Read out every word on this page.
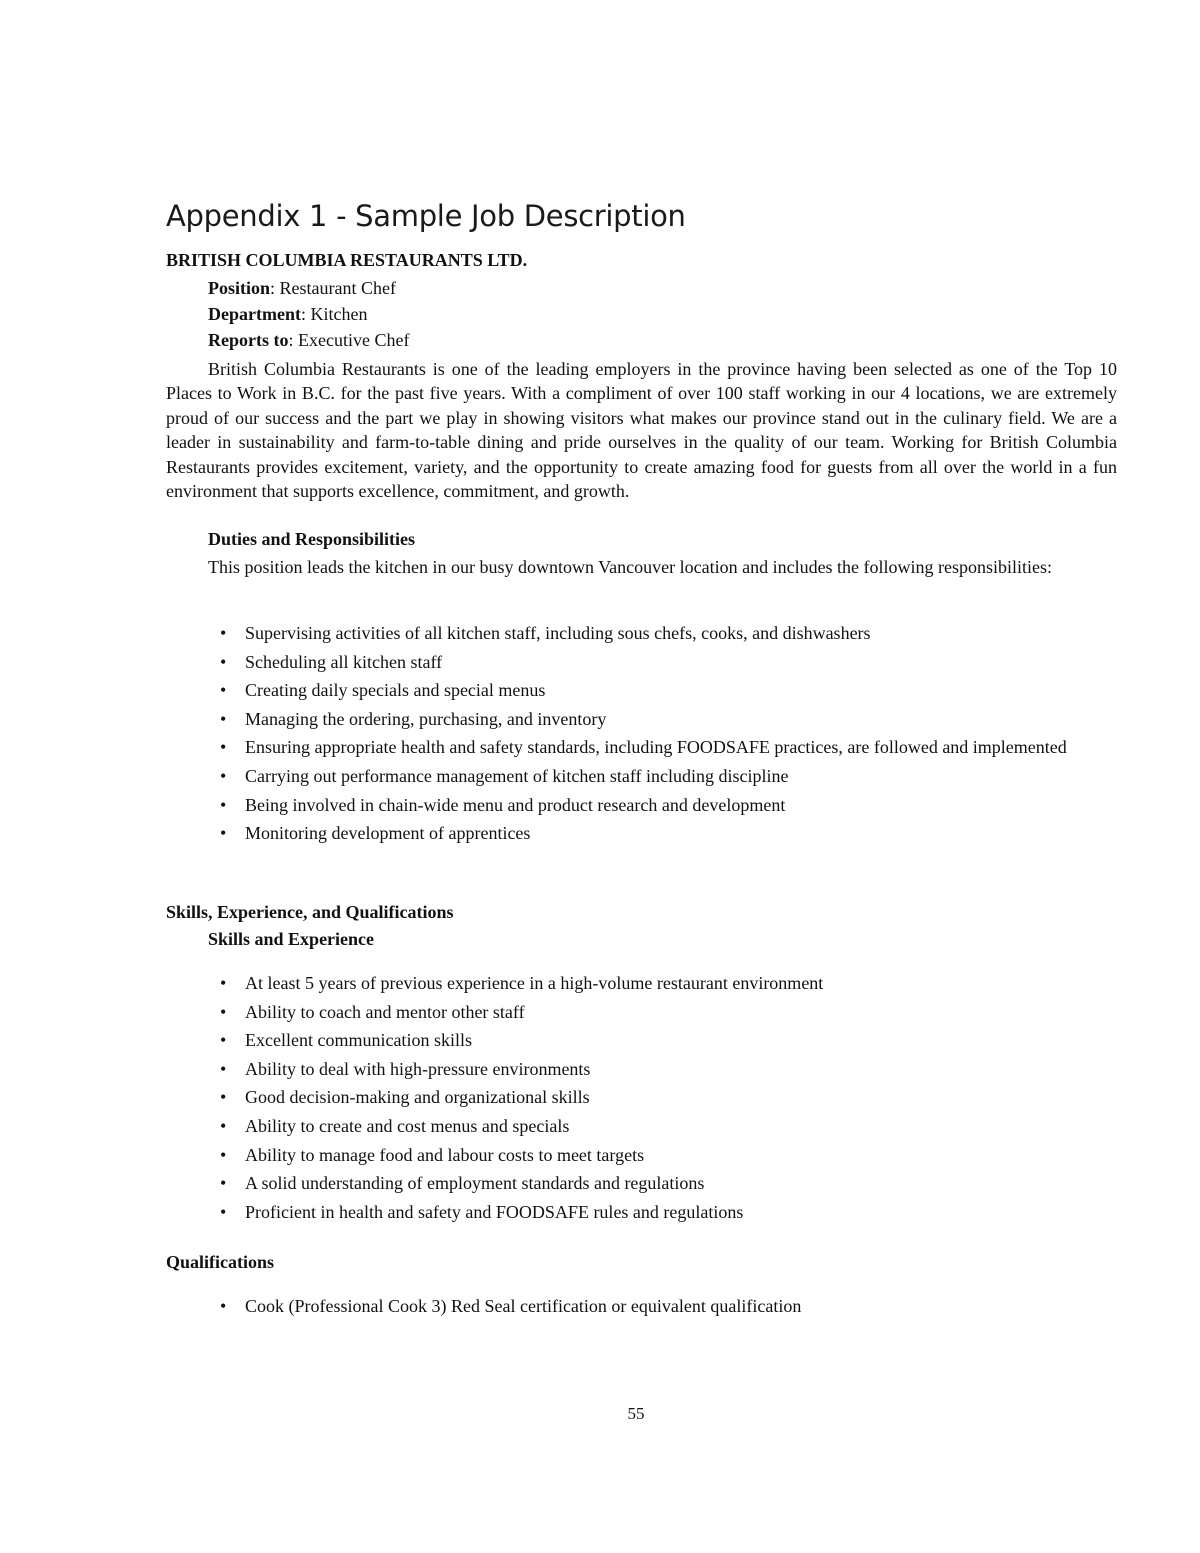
Appendix 1 - Sample Job Description
BRITISH COLUMBIA RESTAURANTS LTD.
Position: Restaurant Chef
Department: Kitchen
Reports to: Executive Chef

British Columbia Restaurants is one of the leading employers in the province having been selected as one of the Top 10 Places to Work in B.C. for the past five years. With a compliment of over 100 staff working in our 4 locations, we are extremely proud of our success and the part we play in showing visitors what makes our province stand out in the culinary field. We are a leader in sustainability and farm-to-table dining and pride ourselves in the quality of our team. Working for British Columbia Restaurants provides excitement, variety, and the opportunity to create amazing food for guests from all over the world in a fun environment that supports excellence, commitment, and growth.

Duties and Responsibilities

This position leads the kitchen in our busy downtown Vancouver location and includes the following responsibilities:

• Supervising activities of all kitchen staff, including sous chefs, cooks, and dishwashers
• Scheduling all kitchen staff
• Creating daily specials and special menus
• Managing the ordering, purchasing, and inventory
• Ensuring appropriate health and safety standards, including FOODSAFE practices, are followed and implemented
• Carrying out performance management of kitchen staff including discipline
• Being involved in chain-wide menu and product research and development
• Monitoring development of apprentices
Skills, Experience, and Qualifications
Skills and Experience
• At least 5 years of previous experience in a high-volume restaurant environment
• Ability to coach and mentor other staff
• Excellent communication skills
• Ability to deal with high-pressure environments
• Good decision-making and organizational skills
• Ability to create and cost menus and specials
• Ability to manage food and labour costs to meet targets
• A solid understanding of employment standards and regulations
• Proficient in health and safety and FOODSAFE rules and regulations
Qualifications
• Cook (Professional Cook 3) Red Seal certification or equivalent qualification
55
